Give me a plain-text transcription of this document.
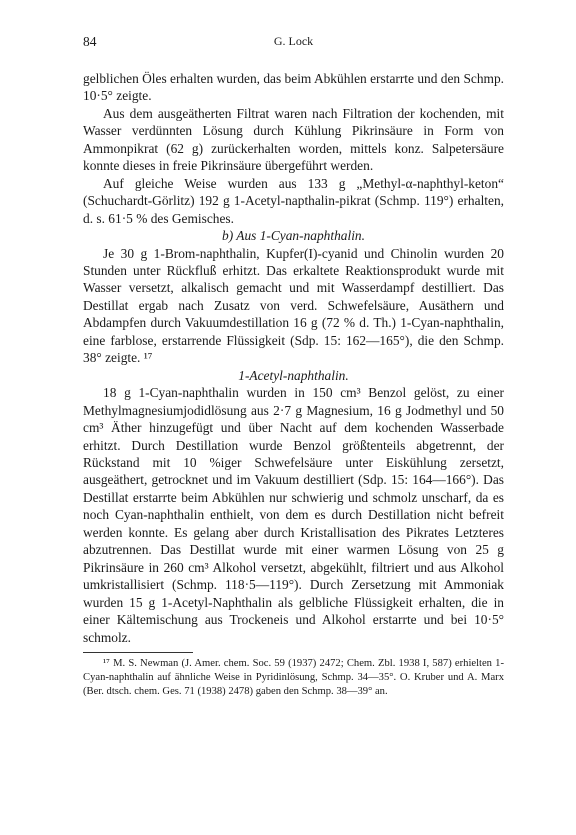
84	G. Lock

gelblichen Öles erhalten wurden, das beim Abkühlen erstarrte und den Schmp. 10·5° zeigte.

Aus dem ausgeätherten Filtrat waren nach Filtration der kochenden, mit Wasser verdünnten Lösung durch Kühlung Pikrinsäure in Form von Ammonpikrat (62 g) zurückerhalten worden, mittels konz. Salpetersäure konnte dieses in freie Pikrinsäure übergeführt werden.

Auf gleiche Weise wurden aus 133 g „Methyl-α-naphthyl-keton“ (Schuchardt-Görlitz) 192 g 1-Acetyl-napthalin-pikrat (Schmp. 119°) erhalten, d. s. 61·5 % des Gemisches.

b) Aus 1-Cyan-naphthalin.

Je 30 g 1-Brom-naphthalin, Kupfer(I)-cyanid und Chinolin wurden 20 Stunden unter Rückfluß erhitzt. Das erkaltete Reaktionsprodukt wurde mit Wasser versetzt, alkalisch gemacht und mit Wasserdampf destilliert. Das Destillat ergab nach Zusatz von verd. Schwefelsäure, Ausäthern und Abdampfen durch Vakuumdestillation 16 g (72 % d. Th.) 1-Cyan-naphthalin, eine farblose, erstarrende Flüssigkeit (Sdp. 15: 162—165°), die den Schmp. 38° zeigte. ¹⁷

1-Acetyl-naphthalin.

18 g 1-Cyan-naphthalin wurden in 150 cm³ Benzol gelöst, zu einer Methylmagnesiumjodidlösung aus 2·7 g Magnesium, 16 g Jodmethyl und 50 cm³ Äther hinzugefügt und über Nacht auf dem kochenden Wasserbade erhitzt. Durch Destillation wurde Benzol größtenteils abgetrennt, der Rückstand mit 10 %iger Schwefelsäure unter Eiskühlung zersetzt, ausgeäthert, getrocknet und im Vakuum destilliert (Sdp. 15: 164—166°). Das Destillat erstarrte beim Abkühlen nur schwierig und schmolz unscharf, da es noch Cyan-naphthalin enthielt, von dem es durch Destillation nicht befreit werden konnte. Es gelang aber durch Kristallisation des Pikrates Letzteres abzutrennen. Das Destillat wurde mit einer warmen Lösung von 25 g Pikrinsäure in 260 cm³ Alkohol versetzt, abgekühlt, filtriert und aus Alkohol umkristallisiert (Schmp. 118·5—119°). Durch Zersetzung mit Ammoniak wurden 15 g 1-Acetyl-Naphthalin als gelbliche Flüssigkeit erhalten, die in einer Kältemischung aus Trockeneis und Alkohol erstarrte und bei 10·5° schmolz.

¹⁷ M. S. Newman (J. Amer. chem. Soc. 59 (1937) 2472; Chem. Zbl. 1938 I, 587) erhielten 1-Cyan-naphthalin auf ähnliche Weise in Pyridinlösung, Schmp. 34—35°. O. Kruber und A. Marx (Ber. dtsch. chem. Ges. 71 (1938) 2478) gaben den Schmp. 38—39° an.
